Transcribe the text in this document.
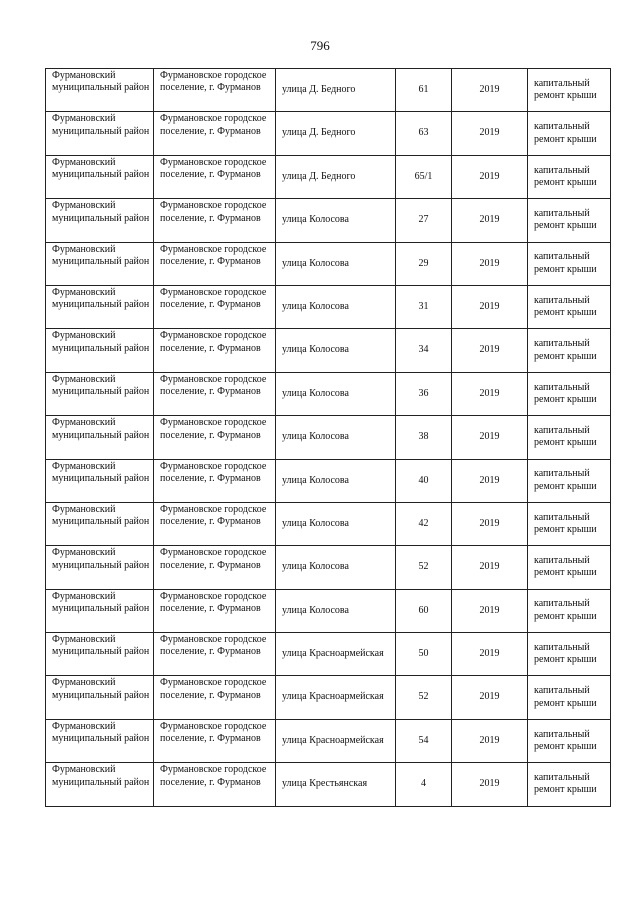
796
Фурмановский муниципальный район	Фурмановское городское поселение, г. Фурманов	улица Д. Бедного	61	2019	капитальный ремонт крыши
Фурмановский муниципальный район	Фурмановское городское поселение, г. Фурманов	улица Д. Бедного	63	2019	капитальный ремонт крыши
Фурмановский муниципальный район	Фурмановское городское поселение, г. Фурманов	улица Д. Бедного	65/1	2019	капитальный ремонт крыши
Фурмановский муниципальный район	Фурмановское городское поселение, г. Фурманов	улица Колосова	27	2019	капитальный ремонт крыши
Фурмановский муниципальный район	Фурмановское городское поселение, г. Фурманов	улица Колосова	29	2019	капитальный ремонт крыши
Фурмановский муниципальный район	Фурмановское городское поселение, г. Фурманов	улица Колосова	31	2019	капитальный ремонт крыши
Фурмановский муниципальный район	Фурмановское городское поселение, г. Фурманов	улица Колосова	34	2019	капитальный ремонт крыши
Фурмановский муниципальный район	Фурмановское городское поселение, г. Фурманов	улица Колосова	36	2019	капитальный ремонт крыши
Фурмановский муниципальный район	Фурмановское городское поселение, г. Фурманов	улица Колосова	38	2019	капитальный ремонт крыши
Фурмановский муниципальный район	Фурмановское городское поселение, г. Фурманов	улица Колосова	40	2019	капитальный ремонт крыши
Фурмановский муниципальный район	Фурмановское городское поселение, г. Фурманов	улица Колосова	42	2019	капитальный ремонт крыши
Фурмановский муниципальный район	Фурмановское городское поселение, г. Фурманов	улица Колосова	52	2019	капитальный ремонт крыши
Фурмановский муниципальный район	Фурмановское городское поселение, г. Фурманов	улица Колосова	60	2019	капитальный ремонт крыши
Фурмановский муниципальный район	Фурмановское городское поселение, г. Фурманов	улица Красноармейская	50	2019	капитальный ремонт крыши
Фурмановский муниципальный район	Фурмановское городское поселение, г. Фурманов	улица Красноармейская	52	2019	капитальный ремонт крыши
Фурмановский муниципальный район	Фурмановское городское поселение, г. Фурманов	улица Красноармейская	54	2019	капитальный ремонт крыши
Фурмановский муниципальный район	Фурмановское городское поселение, г. Фурманов	улица Крестьянская	4	2019	капитальный ремонт крыши
